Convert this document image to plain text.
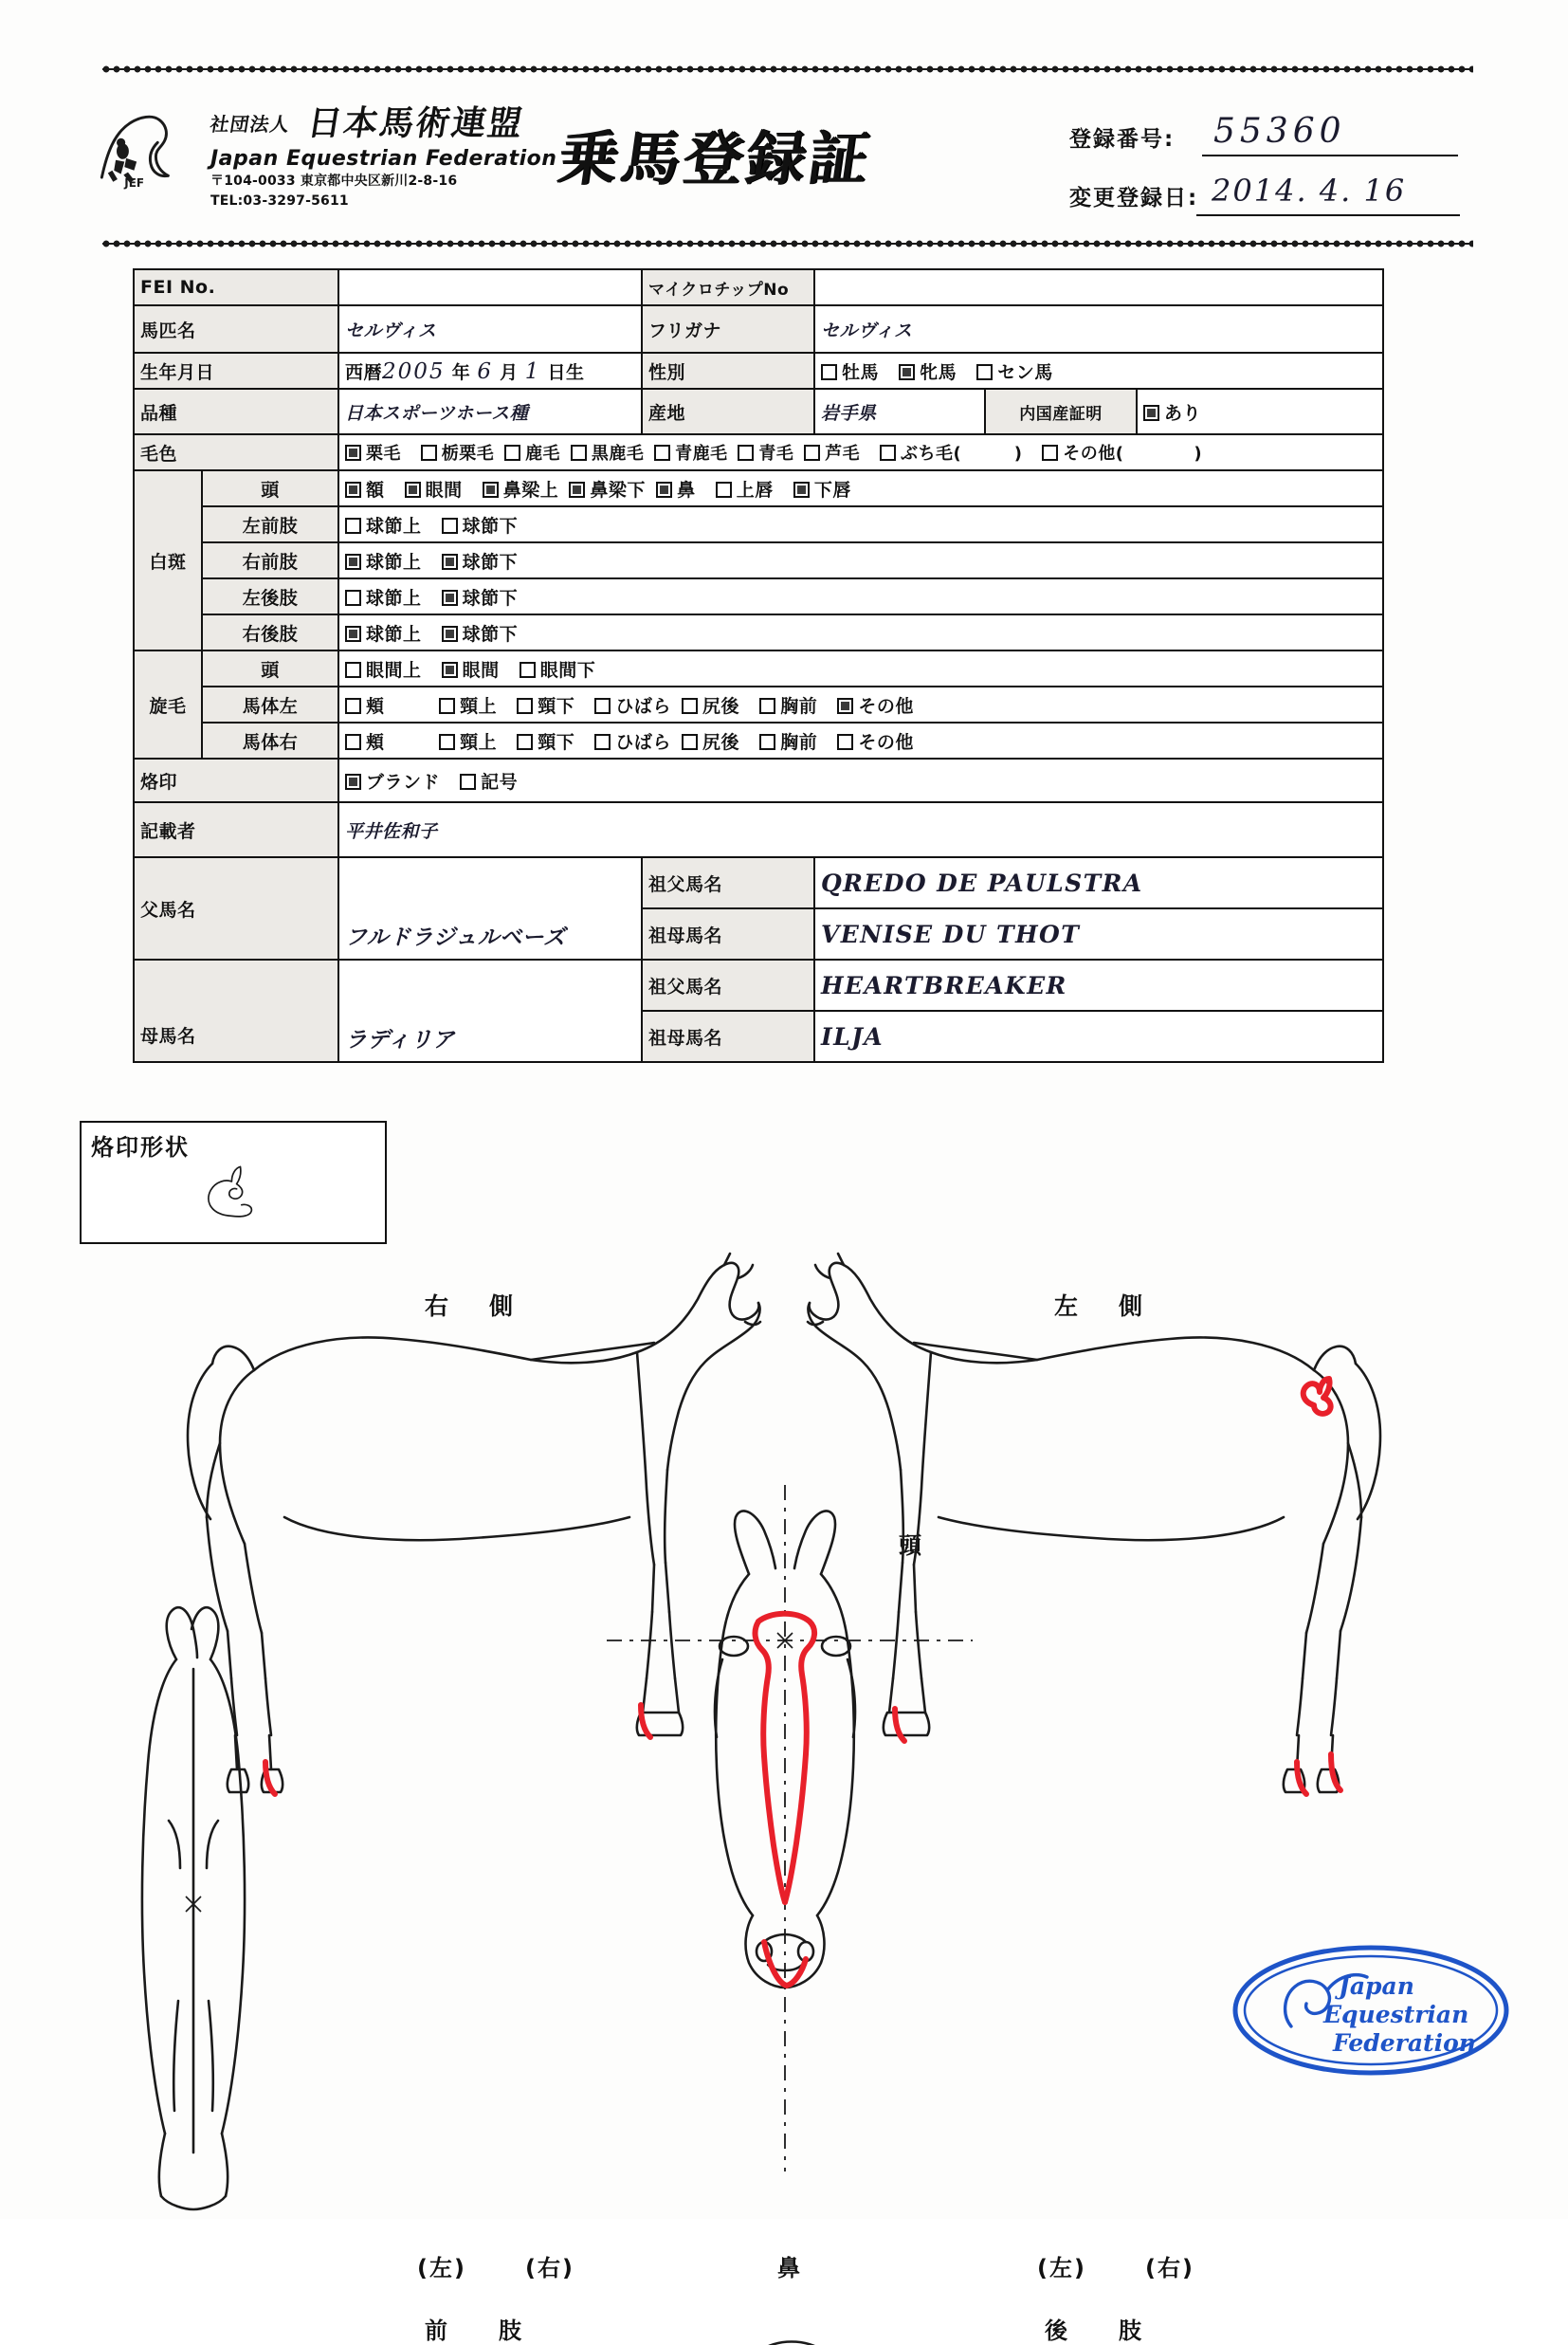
JEF
社団法人 日本馬術連盟
Japan Equestrian Federation
〒104-0033 東京都中央区新川2-8-16
TEL:03-3297-5611
乗馬登録証	登録番号: 55360
変更登録日: 2014. 4. 16
FEI No.			マイクロチップNo			
馬匹名		セルヴィス	フリガナ	セルヴィス		
生年月日		西暦2005 年 6 月 1 日生	性別	牡馬 牝馬 セン馬		
品種		日本スポーツホース種	産地	岩手県	内国産証明	あり
毛色		栗毛 栃栗毛 鹿毛 黒鹿毛 青鹿毛 青毛 芦毛 ぶち毛(　　　) その他(　　　　)				
白斑	頭	額 眼間 鼻梁上 鼻梁下 鼻 上唇 下唇				
	左前肢	球節上 球節下				
	右前肢	球節上 球節下				
	左後肢	球節上 球節下				
	右後肢	球節上 球節下				
旋毛	頭	眼間上 眼間 眼間下				
	馬体左	頬 頸上 頸下 ひばら 尻後 胸前 その他				
	馬体右	頬 頸上 頸下 ひばら 尻後 胸前 その他				
烙印		ブランド 記号				
記載者		平井佐和子				
父馬名		フルドラジュルベーズ	祖父馬名	QREDO DE PAULSTRA		
			祖母馬名	VENISE DU THOT		
母馬名		ラディリア	祖父馬名	HEARTBREAKER		
			祖母馬名	ILJA		
烙印形状
右　側	左　側
頭
(左)	(右)
前　　肢
鼻	(左)	(右)
後　　肢
Japan
Equestrian
Federation
